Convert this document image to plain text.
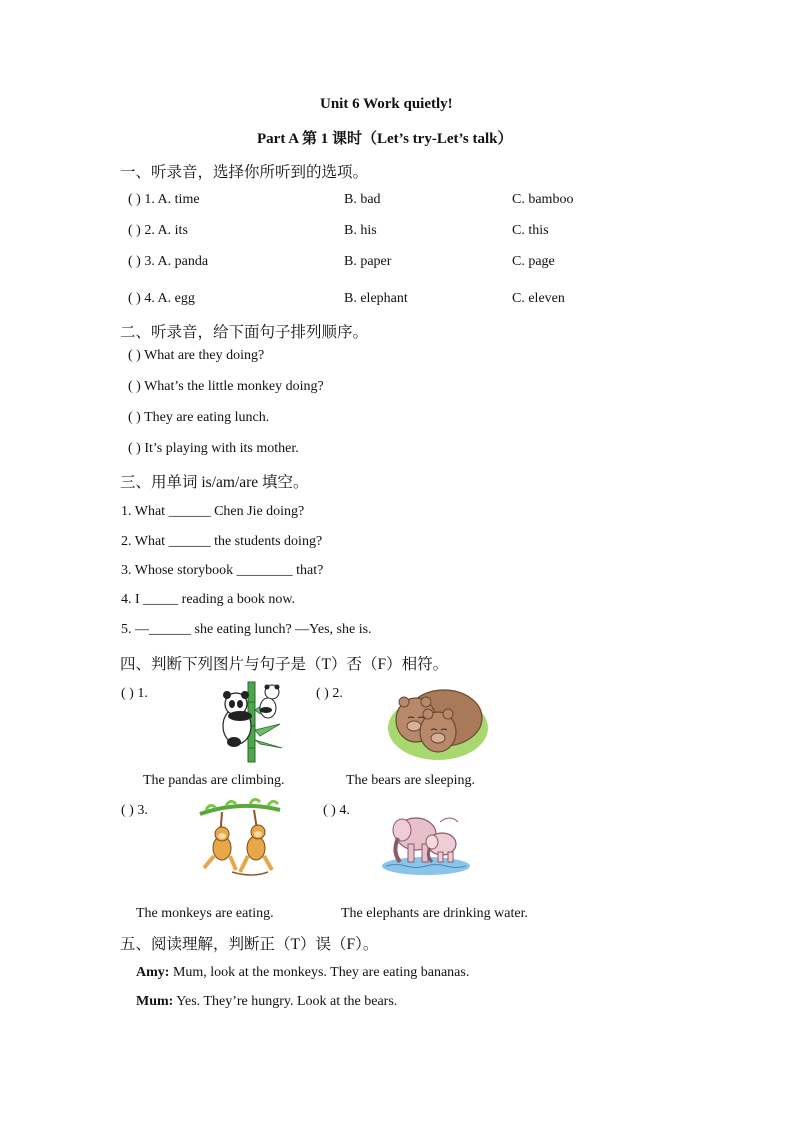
Unit 6 Work quietly!
Part A 第 1 课时（Let’s try-Let’s talk）
一、听录音，选择你所听到的选项。
( ) 1. A. time	B. bad	C. bamboo
( ) 2. A. its	B. his	C. this
( ) 3. A. panda	B. paper	C. page
( ) 4. A. egg	B. elephant	C. eleven
二、听录音，给下面句子排列顺序。
( ) What are they doing?
( ) What’s the little monkey doing?
( ) They are eating lunch.
( ) It’s playing with its mother.
三、用单词 is/am/are 填空。
1. What ______ Chen Jie doing?
2. What ______ the students doing?
3. Whose storybook ________ that?
4. I _____ reading a book now.
5. —______ she eating lunch? —Yes, she is.
四、判断下列图片与句子是（T）否（F）相符。
( ) 1.	( ) 2.
The pandas are climbing.	The bears are sleeping.
( ) 3.	( ) 4.
The monkeys are eating.	The elephants are drinking water.
五、阅读理解，判断正（T）误（F）。
Amy: Mum, look at the monkeys. They are eating bananas.
Mum: Yes. They’re hungry. Look at the bears.
